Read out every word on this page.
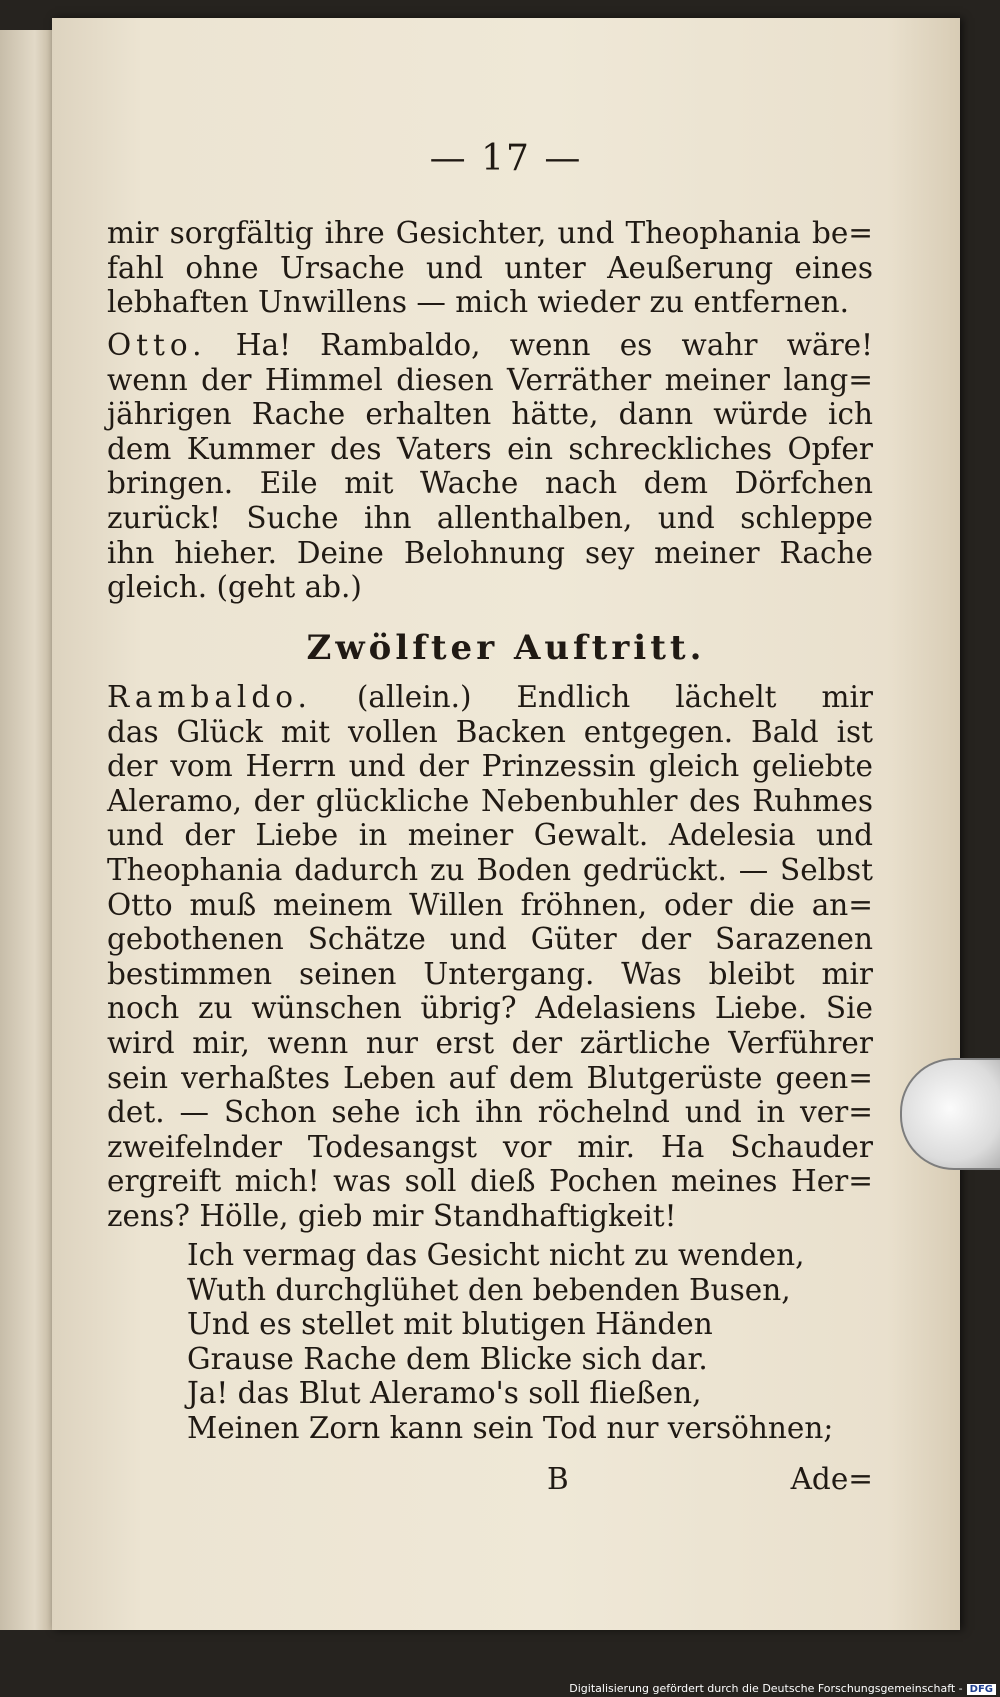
— 17 —
mir sorgfältig ihre Gesichter, und Theophania be=
fahl ohne Ursache und unter Aeußerung eines
lebhaften Unwillens — mich wieder zu entfernen.
Otto. Ha! Rambaldo, wenn es wahr wäre!
wenn der Himmel diesen Verräther meiner lang=
jährigen Rache erhalten hätte, dann würde ich
dem Kummer des Vaters ein schreckliches Opfer
bringen. Eile mit Wache nach dem Dörfchen
zurück! Suche ihn allenthalben, und schleppe
ihn hieher. Deine Belohnung sey meiner Rache
gleich. (geht ab.)
Zwölfter Auftritt.
Rambaldo. (allein.) Endlich lächelt mir
das Glück mit vollen Backen entgegen. Bald ist
der vom Herrn und der Prinzessin gleich geliebte
Aleramo, der glückliche Nebenbuhler des Ruhmes
und der Liebe in meiner Gewalt. Adelesia und
Theophania dadurch zu Boden gedrückt. — Selbst
Otto muß meinem Willen fröhnen, oder die an=
gebothenen Schätze und Güter der Sarazenen
bestimmen seinen Untergang. Was bleibt mir
noch zu wünschen übrig? Adelasiens Liebe. Sie
wird mir, wenn nur erst der zärtliche Verführer
sein verhaßtes Leben auf dem Blutgerüste geen=
det. — Schon sehe ich ihn röchelnd und in ver=
zweifelnder Todesangst vor mir. Ha Schauder
ergreift mich! was soll dieß Pochen meines Her=
zens? Hölle, gieb mir Standhaftigkeit!
Ich vermag das Gesicht nicht zu wenden,
Wuth durchglühet den bebenden Busen,
Und es stellet mit blutigen Händen
Grause Rache dem Blicke sich dar.
Ja! das Blut Aleramo's soll fließen,
Meinen Zorn kann sein Tod nur versöhnen;
B	Ade=
Digitalisierung gefördert durch die Deutsche Forschungsgemeinschaft - DFG
